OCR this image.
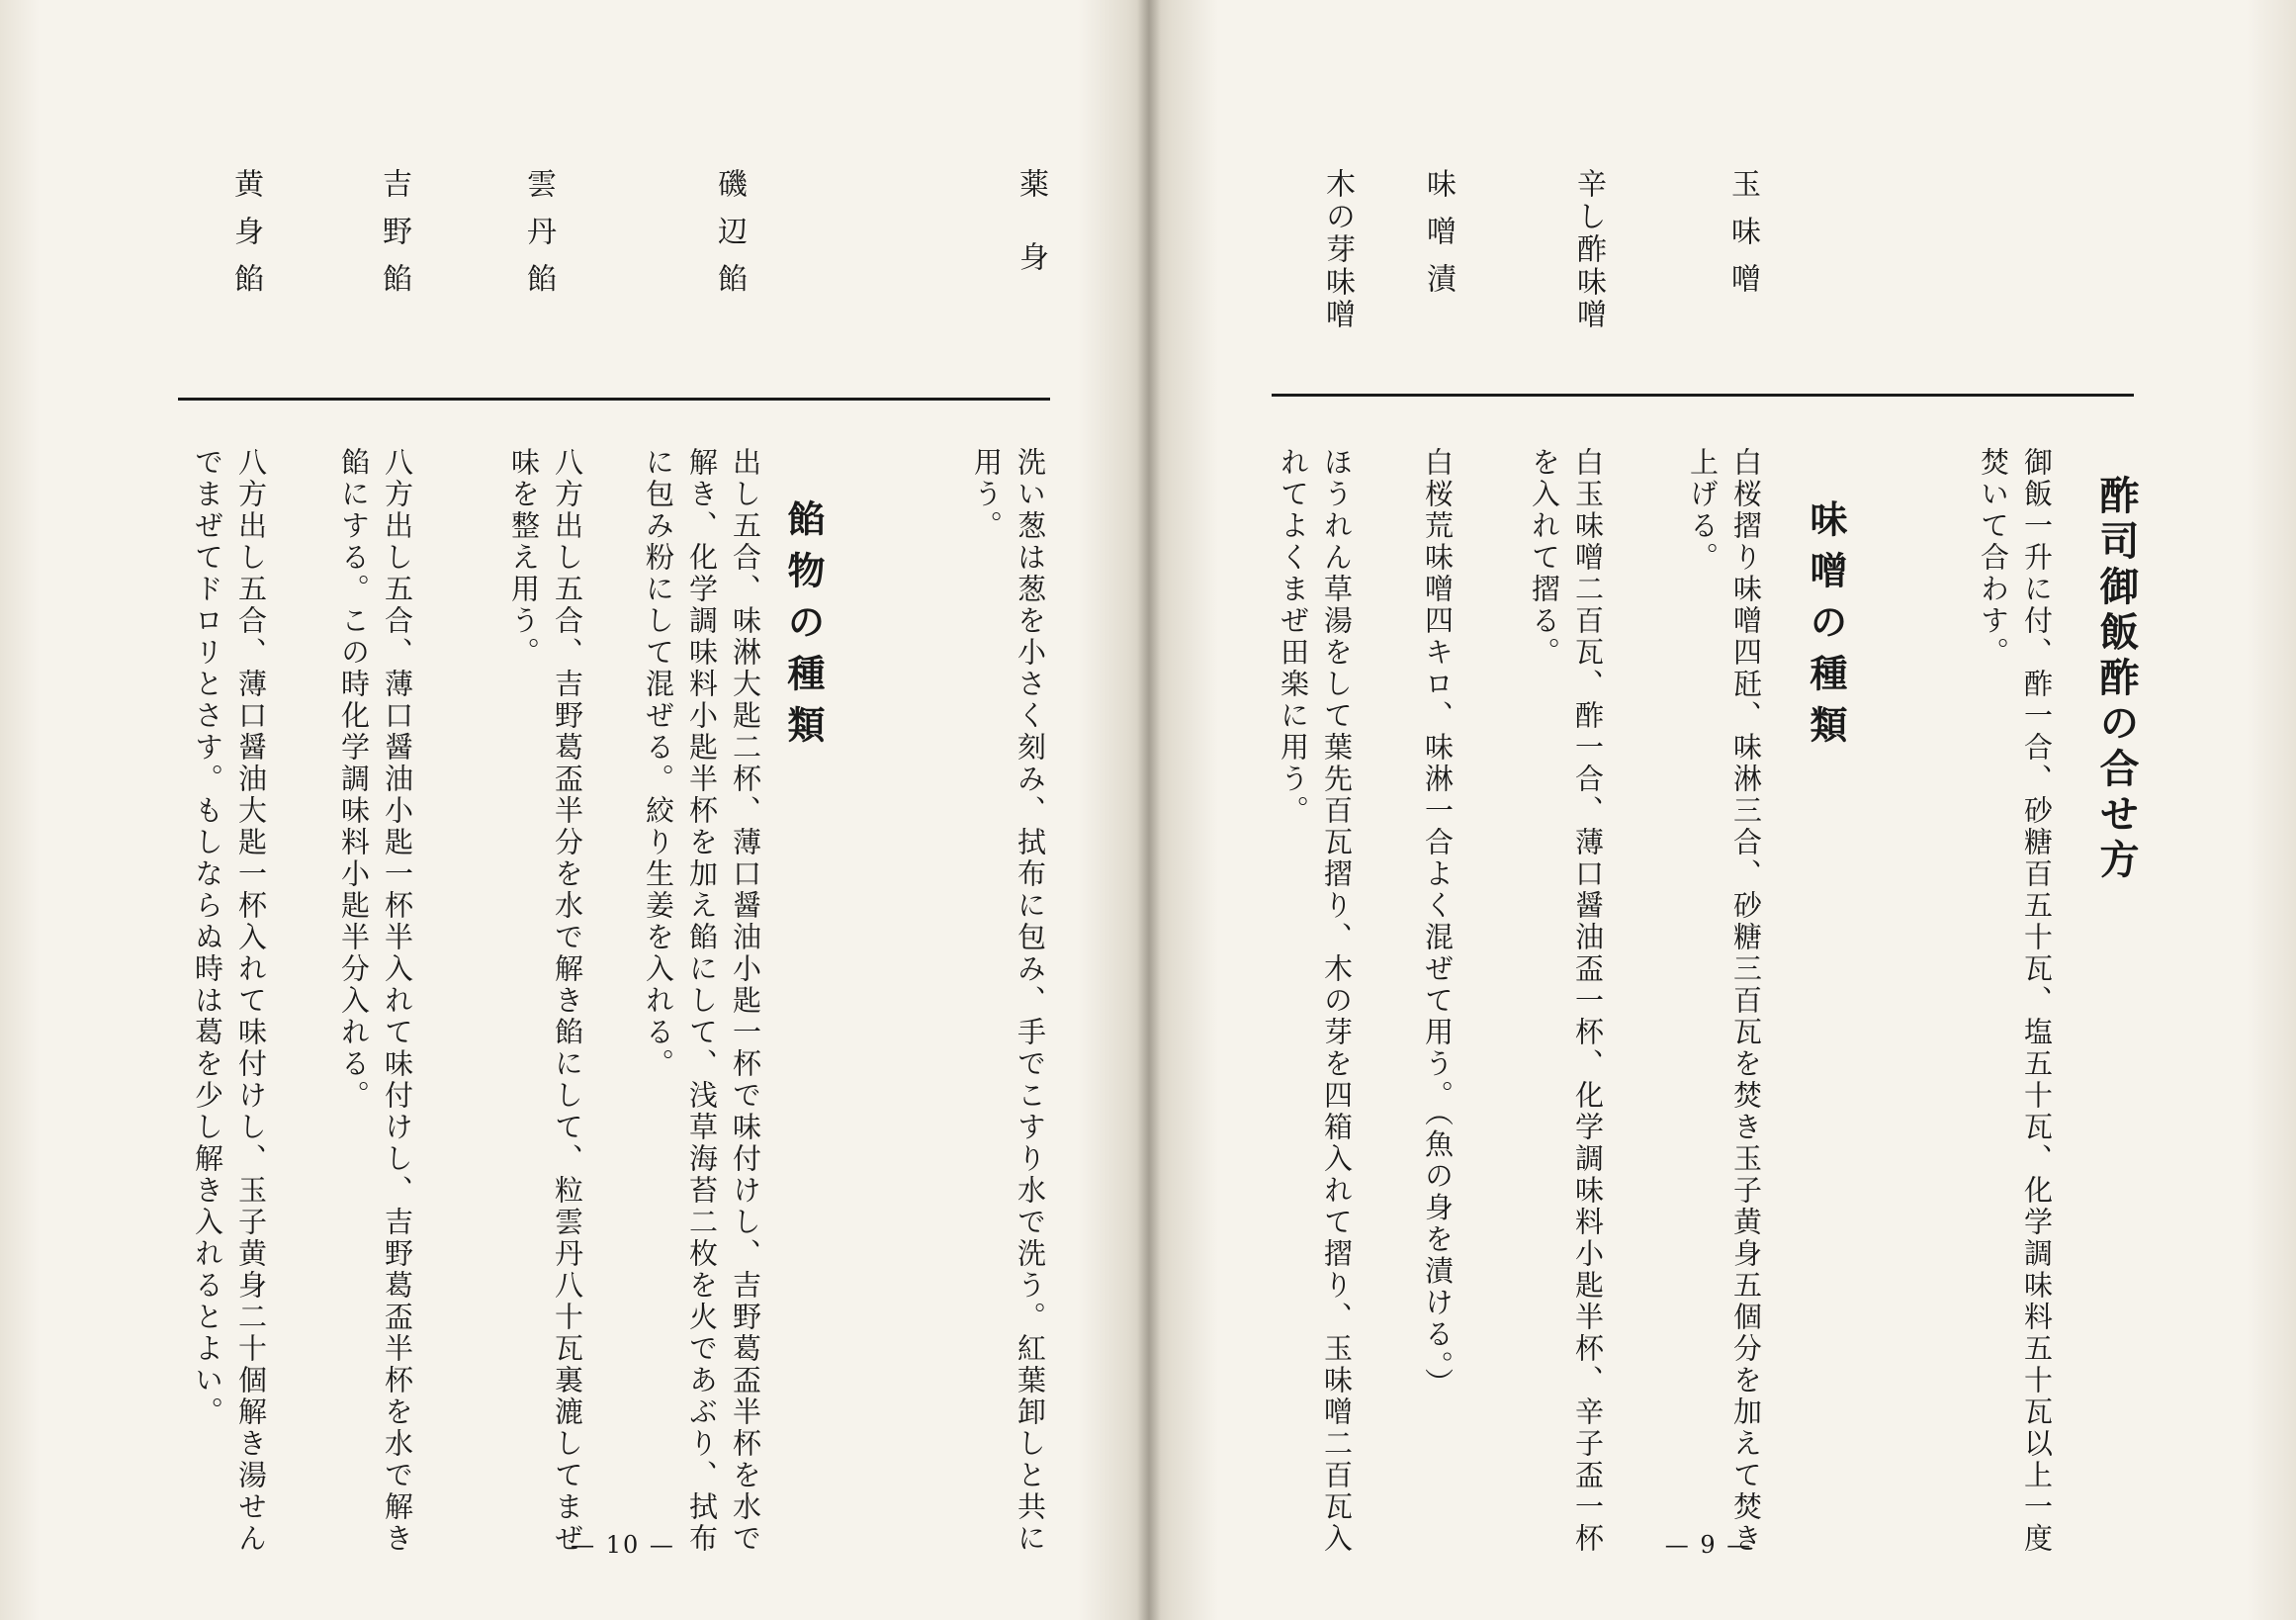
薬身
磯辺餡
雲丹餡
吉野餡
黄身餡
洗い葱は葱を小さく刻み、拭布に包み、手でこすり水で洗う。紅葉卸しと共に
用う。
餡物の種類
出し五合、味淋大匙二杯、薄口醤油小匙一杯で味付けし、吉野葛盃半杯を水で
解き、化学調味料小匙半杯を加え餡にして、浅草海苔二枚を火であぶり、拭布
に包み粉にして混ぜる。絞り生姜を入れる。
八方出し五合、吉野葛盃半分を水で解き餡にして、粒雲丹八十瓦裏漉してまぜ
味を整え用う。
八方出し五合、薄口醤油小匙一杯半入れて味付けし、吉野葛盃半杯を水で解き
餡にする。この時化学調味料小匙半分入れる。
八方出し五合、薄口醤油大匙一杯入れて味付けし、玉子黄身二十個解き湯せん
でまぜてドロリとさす。もしならぬ時は葛を少し解き入れるとよい。
— 10 —
玉味噌
辛し酢味噌
味噌漬
木の芽味噌
酢司御飯酢の合せ方
御飯一升に付、酢一合、砂糖百五十瓦、塩五十瓦、化学調味料五十瓦以上一度
焚いて合わす。
味噌の種類
白桜摺り味噌四瓩、味淋三合、砂糖三百瓦を焚き玉子黄身五個分を加えて焚き
上げる。
白玉味噌二百瓦、酢一合、薄口醤油盃一杯、化学調味料小匙半杯、辛子盃一杯
を入れて摺る。
白桜荒味噌四キロ、味淋一合よく混ぜて用う。（魚の身を漬ける。）
ほうれん草湯をして葉先百瓦摺り、木の芽を四箱入れて摺り、玉味噌二百瓦入
れてよくまぜ田楽に用う。
— 9 —
